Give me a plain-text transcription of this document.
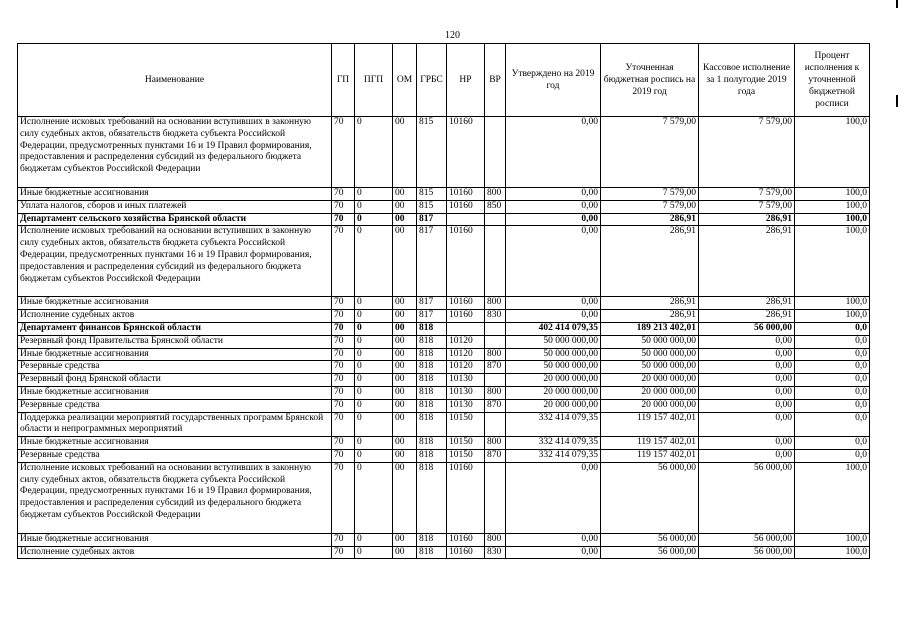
120
Наименование	ГП	ПГП	ОМ	ГРБС	НР	ВР	Утверждено на 2019 год	Уточненная бюджетная роспись на 2019 год	Кассовое исполнение за 1 полугодие 2019 года	Процент исполнения к уточненной бюджетной росписи
Исполнение исковых требований на основании вступивших в законную силу судебных актов, обязательств бюджета субъекта Российской Федерации, предусмотренных пунктами 16 и 19 Правил формирования, предоставления и распределения субсидий из федерального бюджета бюджетам субъектов Российской Федерации	70	0	00	815	10160		0,00	7 579,00	7 579,00	100,0
Иные бюджетные ассигнования	70	0	00	815	10160	800	0,00	7 579,00	7 579,00	100,0
Уплата налогов, сборов и иных платежей	70	0	00	815	10160	850	0,00	7 579,00	7 579,00	100,0
Департамент сельского хозяйства Брянской области	70	0	00	817			0,00	286,91	286,91	100,0
Исполнение исковых требований на основании вступивших в законную силу судебных актов, обязательств бюджета субъекта Российской Федерации, предусмотренных пунктами 16 и 19 Правил формирования, предоставления и распределения субсидий из федерального бюджета бюджетам субъектов Российской Федерации	70	0	00	817	10160		0,00	286,91	286,91	100,0
Иные бюджетные ассигнования	70	0	00	817	10160	800	0,00	286,91	286,91	100,0
Исполнение судебных актов	70	0	00	817	10160	830	0,00	286,91	286,91	100,0
Департамент финансов Брянской области	70	0	00	818			402 414 079,35	189 213 402,01	56 000,00	0,0
Резервный фонд Правительства Брянской области	70	0	00	818	10120		50 000 000,00	50 000 000,00	0,00	0,0
Иные бюджетные ассигнования	70	0	00	818	10120	800	50 000 000,00	50 000 000,00	0,00	0,0
Резервные средства	70	0	00	818	10120	870	50 000 000,00	50 000 000,00	0,00	0,0
Резервный фонд Брянской области	70	0	00	818	10130		20 000 000,00	20 000 000,00	0,00	0,0
Иные бюджетные ассигнования	70	0	00	818	10130	800	20 000 000,00	20 000 000,00	0,00	0,0
Резервные средства	70	0	00	818	10130	870	20 000 000,00	20 000 000,00	0,00	0,0
Поддержка реализации мероприятий государственных программ Брянской области и непрограммных мероприятий	70	0	00	818	10150		332 414 079,35	119 157 402,01	0,00	0,0
Иные бюджетные ассигнования	70	0	00	818	10150	800	332 414 079,35	119 157 402,01	0,00	0,0
Резервные средства	70	0	00	818	10150	870	332 414 079,35	119 157 402,01	0,00	0,0
Исполнение исковых требований на основании вступивших в законную силу судебных актов, обязательств бюджета субъекта Российской Федерации, предусмотренных пунктами 16 и 19 Правил формирования, предоставления и распределения субсидий из федерального бюджета бюджетам субъектов Российской Федерации	70	0	00	818	10160		0,00	56 000,00	56 000,00	100,0
Иные бюджетные ассигнования	70	0	00	818	10160	800	0,00	56 000,00	56 000,00	100,0
Исполнение судебных актов	70	0	00	818	10160	830	0,00	56 000,00	56 000,00	100,0
